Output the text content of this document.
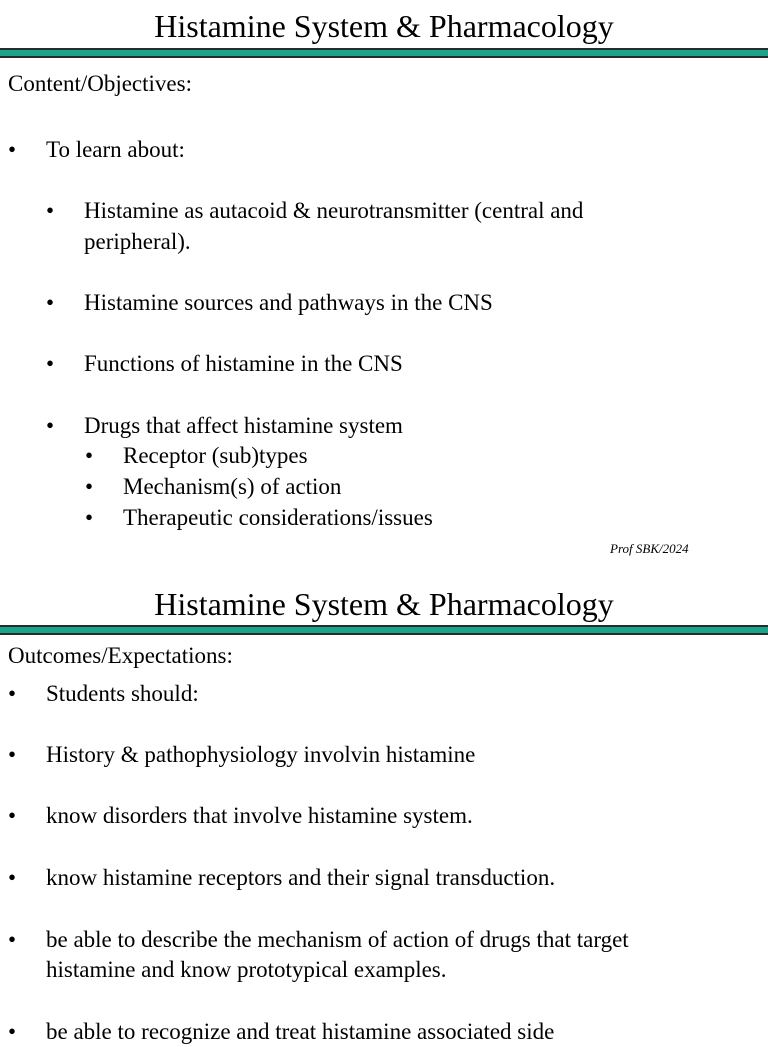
Histamine System & Pharmacology
Content/Objectives:
• To learn about:
• Histamine as autacoid & neurotransmitter (central and
peripheral).
• Histamine sources and pathways in the CNS
• Functions of histamine in the CNS
• Drugs that affect histamine system
• Receptor (sub)types
• Mechanism(s) of action
• Therapeutic considerations/issues
Prof SBK/2024
Histamine System & Pharmacology
Outcomes/Expectations:
• Students should:
• History & pathophysiology involvin histamine
• know disorders that involve histamine system.
• know histamine receptors and their signal transduction.
• be able to describe the mechanism of action of drugs that target
histamine and know prototypical examples.
• be able to recognize and treat histamine associated side
